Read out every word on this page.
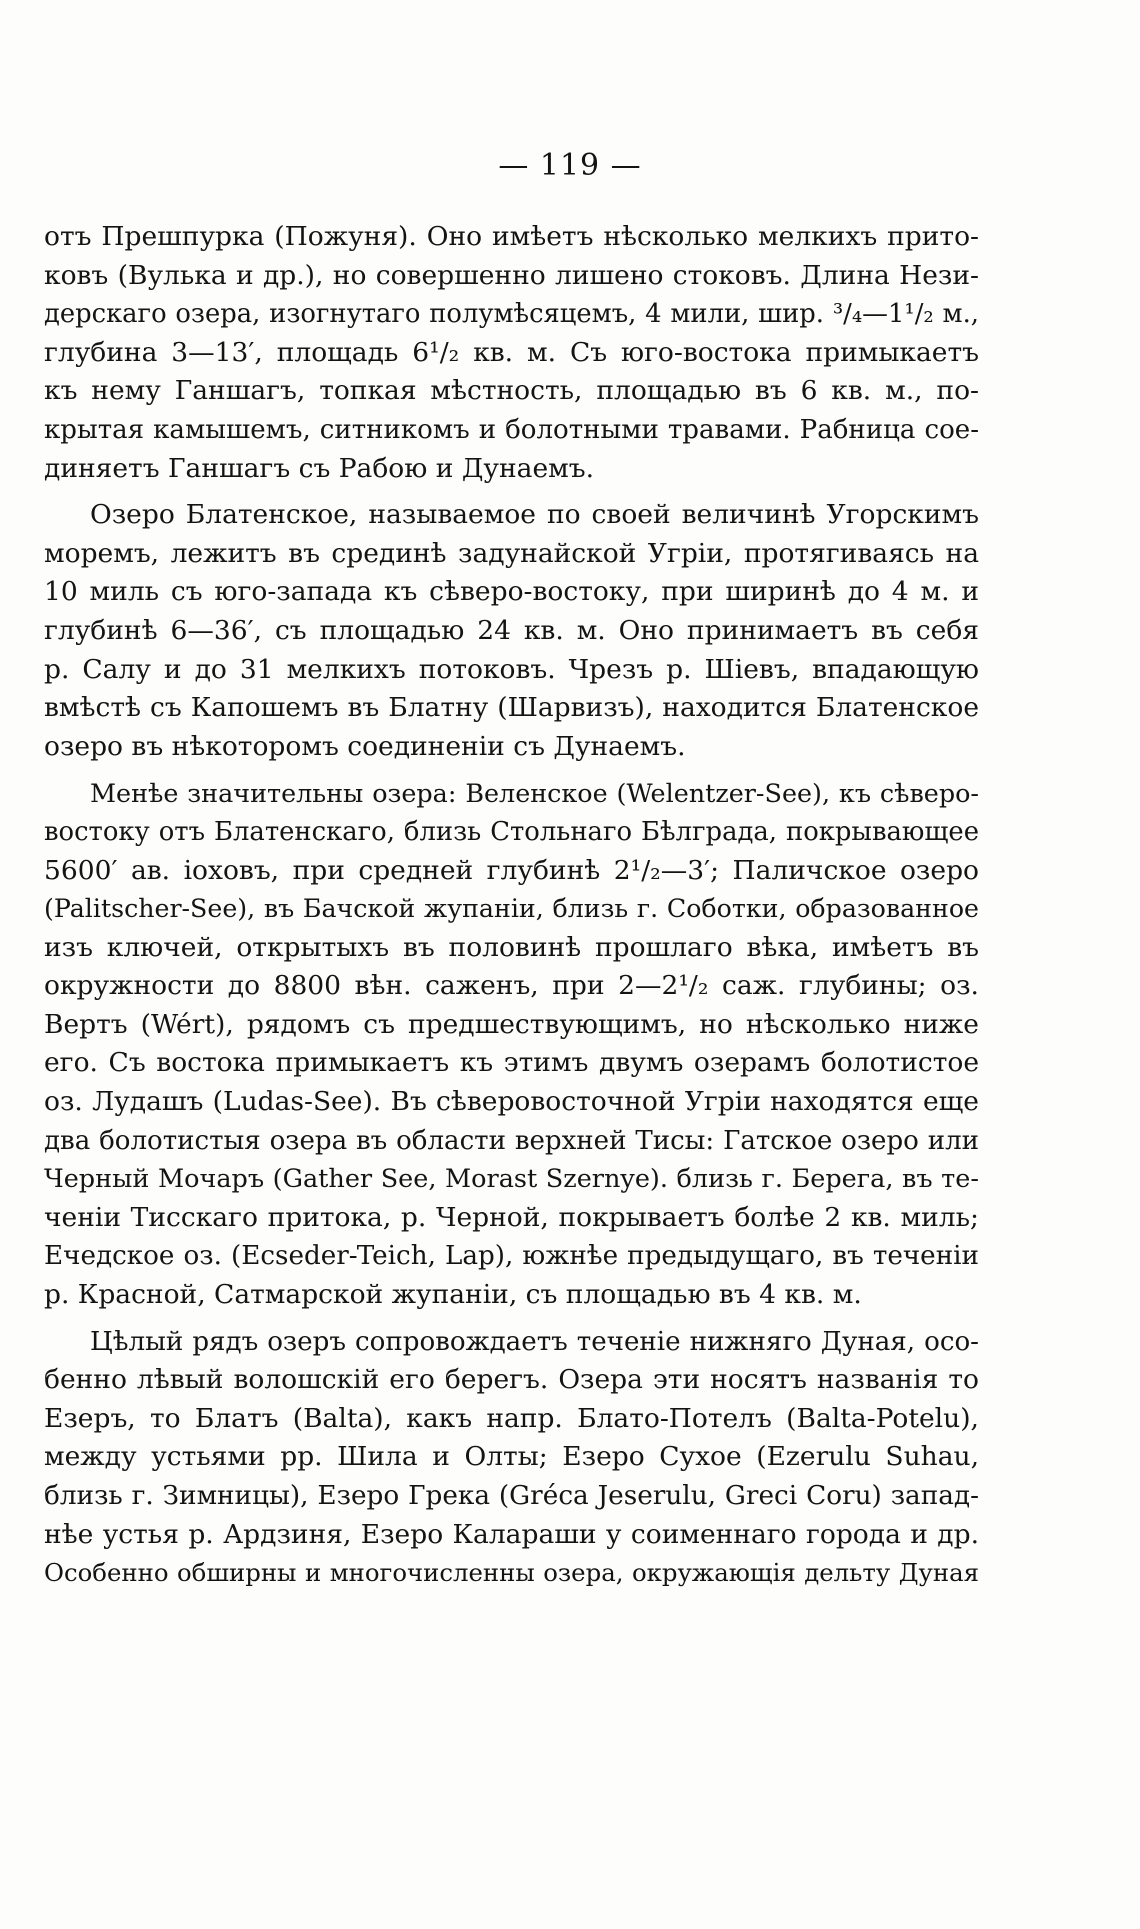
— 119 —
отъ Прешпурка (Пожуня). Оно имѣетъ нѣсколько мелкихъ прито-
ковъ (Вулька и др.), но совершенно лишено стоковъ. Длина Нези-
дерскаго озера, изогнутаго полумѣсяцемъ, 4 мили, шир. ³/₄—1¹/₂ м.,
глубина 3—13′, площадь 6¹/₂ кв. м. Съ юго-востока примыкаетъ
къ нему Ганшагъ, топкая мѣстность, площадью въ 6 кв. м., по-
крытая камышемъ, ситникомъ и болотными травами. Рабница сое-
диняетъ Ганшагъ съ Рабою и Дунаемъ.
Озеро Блатенское, называемое по своей величинѣ Угорскимъ
моремъ, лежитъ въ срединѣ задунайской Угріи, протягиваясь на
10 миль съ юго-запада къ сѣверо-востоку, при ширинѣ до 4 м. и
глубинѣ 6—36′, съ площадью 24 кв. м. Оно принимаетъ въ себя
р. Салу и до 31 мелкихъ потоковъ. Чрезъ р. Шіевъ, впадающую
вмѣстѣ съ Капошемъ въ Блатну (Шарвизъ), находится Блатенское
озеро въ нѣкоторомъ соединеніи съ Дунаемъ.
Менѣе значительны озера: Веленское (Welentzer-See), къ сѣверо-
востоку отъ Блатенскаго, близь Стольнаго Бѣлграда, покрывающее
5600′ ав. іоховъ, при средней глубинѣ 2¹/₂—3′; Паличское озеро
(Palitscher-See), въ Бачской жупаніи, близь г. Соботки, образованное
изъ ключей, открытыхъ въ половинѣ прошлаго вѣка, имѣетъ въ
окружности до 8800 вѣн. саженъ, при 2—2¹/₂ саж. глубины; оз.
Вертъ (Wért), рядомъ съ предшествующимъ, но нѣсколько ниже
его. Съ востока примыкаетъ къ этимъ двумъ озерамъ болотистое
оз. Лудашъ (Ludas-See). Въ сѣверовосточной Угріи находятся еще
два болотистыя озера въ области верхней Тисы: Гатское озеро или
Черный Мочаръ (Gather See, Morast Szernye). близь г. Берега, въ те-
ченіи Тисскаго притока, р. Черной, покрываетъ болѣе 2 кв. миль;
Ечедское оз. (Ecseder-Teich, Lap), южнѣе предыдущаго, въ теченіи
р. Красной, Сатмарской жупаніи, съ площадью въ 4 кв. м.
Цѣлый рядъ озеръ сопровождаетъ теченіе нижняго Дуная, осо-
бенно лѣвый волошскій его берегъ. Озера эти носятъ названія то
Езеръ, то Блатъ (Balta), какъ напр. Блато-Потелъ (Balta-Potelu),
между устьями рр. Шила и Олты; Езеро Сухое (Ezerulu Suhau,
близь г. Зимницы), Езеро Грека (Gréca Jeserulu, Greci Coru) запад-
нѣе устья р. Ардзиня, Езеро Калараши у соименнаго города и др.
Особенно обширны и многочисленны озера, окружающія дельту Дуная
